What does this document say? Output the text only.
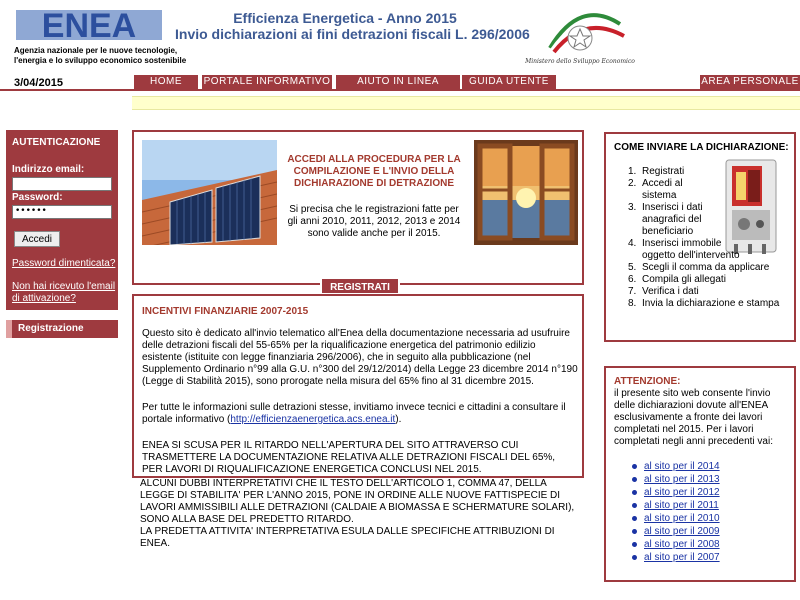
ENEA
Agenzia nazionale per le nuove tecnologie,
l'energia e lo sviluppo economico sostenibile
Efficienza Energetica - Anno 2015
Invio dichiarazioni ai fini detrazioni fiscali L. 296/2006
Ministero dello Sviluppo Economico
3/04/2015	HOME	PORTALE INFORMATIVO	AIUTO IN LINEA	GUIDA UTENTE	AREA PERSONALE
AUTENTICAZIONE
Indirizzo email:
Password:
••••••
Accedi
Password dimenticata?
Non hai ricevuto l'email di attivazione?
Registrazione
ACCEDI ALLA PROCEDURA PER LA COMPILAZIONE E L'INVIO DELLA DICHIARAZIONE DI DETRAZIONE
Si precisa che le registrazioni fatte per gli anni 2010, 2011, 2012, 2013 e 2014 sono valide anche per il 2015.
REGISTRATI
INCENTIVI FINANZIARIE 2007-2015
Questo sito è dedicato all'invio telematico all'Enea della documentazione necessaria ad usufruire delle detrazioni fiscali del 55-65% per la riqualificazione energetica del patrimonio edilizio esistente (istituite con legge finanziaria 296/2006), che in seguito alla pubblicazione (nel Supplemento Ordinario n°99 alla G.U. n°300 del 29/12/2014) della Legge 23 dicembre 2014 n°190 (Legge di Stabilità 2015), sono prorogate nella misura del 65% fino al 31 dicembre 2015.
Per tutte le informazioni sulle detrazioni stesse, invitiamo invece tecnici e cittadini a consultare il portale informativo (http://efficienzaenergetica.acs.enea.it).
ENEA SI SCUSA PER IL RITARDO NELL'APERTURA DEL SITO ATTRAVERSO CUI TRASMETTERE LA DOCUMENTAZIONE RELATIVA ALLE DETRAZIONI FISCALI DEL 65%, PER LAVORI DI RIQUALIFICAZIONE ENERGETICA CONCLUSI NEL 2015.
ALCUNI DUBBI INTERPRETATIVI CHE IL TESTO DELL'ARTICOLO 1, COMMA 47, DELLA LEGGE DI STABILITA' PER L'ANNO 2015, PONE IN ORDINE ALLE NUOVE FATTISPECIE DI LAVORI AMMISSIBILI ALLE DETRAZIONI (CALDAIE A BIOMASSA E SCHERMATURE SOLARI), SONO ALLA BASE DEL PREDETTO RITARDO.
LA PREDETTA ATTIVITA' INTERPRETATIVA ESULA DALLE SPECIFICHE ATTRIBUZIONI DI ENEA.
COME INVIARE LA DICHIARAZIONE:
1. Registrati
2. Accedi al sistema
3. Inserisci i dati anagrafici del beneficiario
4. Inserisci immobile oggetto dell'intervento
5. Scegli il comma da applicare
6. Compila gli allegati
7. Verifica i dati
8. Invia la dichiarazione e stampa
ATTENZIONE:
il presente sito web consente l'invio delle dichiarazioni dovute all'ENEA esclusivamente a fronte dei lavori completati nel 2015. Per i lavori completati negli anni precedenti vai:
al sito per il 2014
al sito per il 2013
al sito per il 2012
al sito per il 2011
al sito per il 2010
al sito per il 2009
al sito per il 2008
al sito per il 2007
